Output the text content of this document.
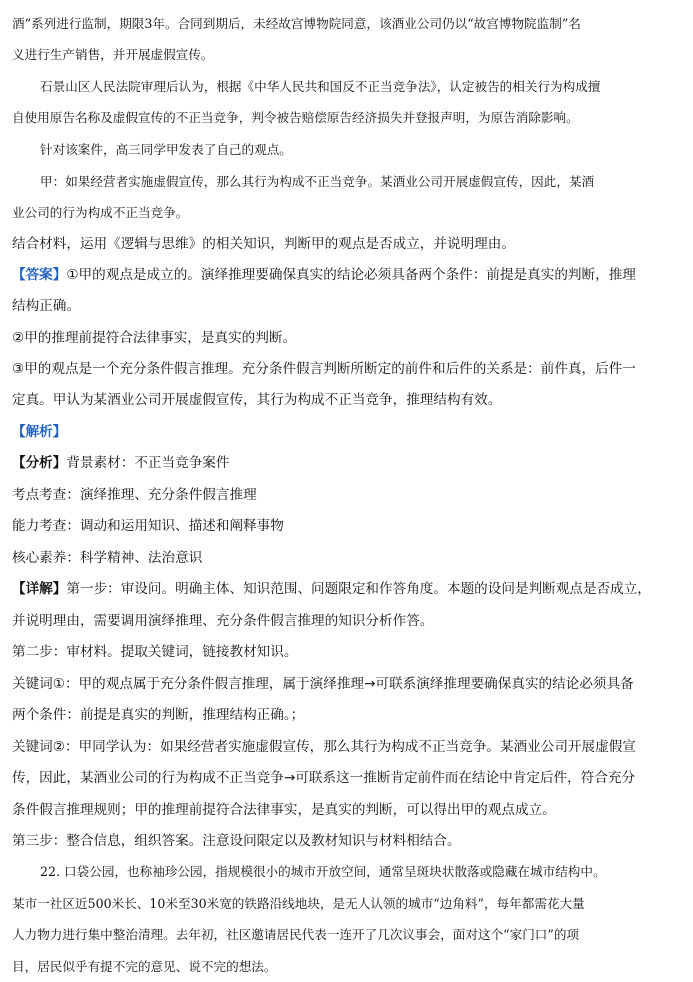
酒”系列进行监制，期限3年。合同到期后，未经故宫博物院同意，该酒业公司仍以“故宫博物院监制”名
义进行生产销售，并开展虚假宣传。
石景山区人民法院审理后认为，根据《中华人民共和国反不正当竞争法》，认定被告的相关行为构成擅
自使用原告名称及虚假宣传的不正当竞争，判令被告赔偿原告经济损失并登报声明，为原告消除影响。
针对该案件，高三同学甲发表了自己的观点。
甲：如果经营者实施虚假宣传，那么其行为构成不正当竞争。某酒业公司开展虚假宣传，因此，某酒
业公司的行为构成不正当竞争。
结合材料，运用《逻辑与思维》的相关知识，判断甲的观点是否成立，并说明理由。
【答案】①甲的观点是成立的。演绎推理要确保真实的结论必须具备两个条件：前提是真实的判断，推理
结构正确。
②甲的推理前提符合法律事实，是真实的判断。
③甲的观点是一个充分条件假言推理。充分条件假言判断所断定的前件和后件的关系是：前件真，后件一
定真。甲认为某酒业公司开展虚假宣传，其行为构成不正当竞争，推理结构有效。
【解析】
【分析】背景素材：不正当竞争案件
考点考查：演绎推理、充分条件假言推理
能力考查：调动和运用知识、描述和阐释事物
核心素养：科学精神、法治意识
【详解】第一步：审设问。明确主体、知识范围、问题限定和作答角度。本题的设问是判断观点是否成立，
并说明理由，需要调用演绎推理、充分条件假言推理的知识分析作答。
第二步：审材料。提取关键词，链接教材知识。
关键词①：甲的观点属于充分条件假言推理，属于演绎推理→可联系演绎推理要确保真实的结论必须具备
两个条件：前提是真实的判断，推理结构正确。；
关键词②：甲同学认为：如果经营者实施虚假宣传，那么其行为构成不正当竞争。某酒业公司开展虚假宣
传，因此，某酒业公司的行为构成不正当竞争→可联系这一推断肯定前件而在结论中肯定后件，符合充分
条件假言推理规则；甲的推理前提符合法律事实，是真实的判断，可以得出甲的观点成立。
第三步：整合信息，组织答案。注意设问限定以及教材知识与材料相结合。
22. 口袋公园，也称袖珍公园，指规模很小的城市开放空间，通常呈斑块状散落或隐藏在城市结构中。
某市一社区近500米长、10米至30米宽的铁路沿线地块，是无人认领的城市“边角料”，每年都需花大量
人力物力进行集中整治清理。去年初，社区邀请居民代表一连开了几次议事会，面对这个“家门口”的项
目，居民似乎有提不完的意见、说不完的想法。
